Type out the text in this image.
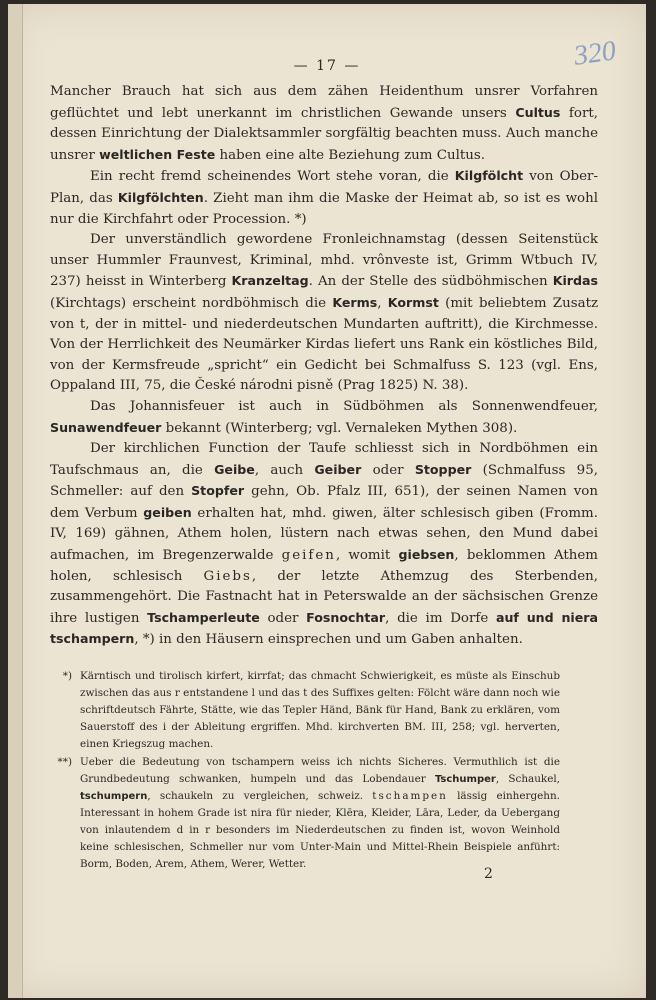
320
— 17 —

Mancher Brauch hat sich aus dem zähen Heidenthum unsrer Vorfahren geflüchtet und lebt unerkannt im christlichen Gewande unsers Cultus fort, dessen Einrichtung der Dialektsammler sorgfältig beachten muss. Auch manche unsrer weltlichen Feste haben eine alte Beziehung zum Cultus.

Ein recht fremd scheinendes Wort stehe voran, die Kilgfölcht von Ober-Plan, das Kilgfölchten. Zieht man ihm die Maske der Heimat ab, so ist es wohl nur die Kirchfahrt oder Procession. *)

Der unverständlich gewordene Fronleichnamstag (dessen Seitenstück unser Hummler Fraunvest, Kriminal, mhd. vrônveste ist, Grimm Wtbuch IV, 237) heisst in Winterberg Kranzeltag. An der Stelle des südböhmischen Kirdas (Kirchtags) erscheint nordböhmisch die Kerms, Kormst (mit beliebtem Zusatz von t, der in mittel- und niederdeutschen Mundarten auftritt), die Kirchmesse. Von der Herrlichkeit des Neumärker Kirdas liefert uns Rank ein köstliches Bild, von der Kermsfreude „spricht“ ein Gedicht bei Schmalfuss S. 123 (vgl. Ens, Oppaland III, 75, die České národni pisně (Prag 1825) N. 38).

Das Johannisfeuer ist auch in Südböhmen als Sonnenwendfeuer, Sunawendfeuer bekannt (Winterberg; vgl. Vernaleken Mythen 308).

Der kirchlichen Function der Taufe schliesst sich in Nordböhmen ein Taufschmaus an, die Geibe, auch Geiber oder Stopper (Schmalfuss 95, Schmeller: auf den Stopfer gehn, Ob. Pfalz III, 651), der seinen Namen von dem Verbum geiben erhalten hat, mhd. giwen, älter schlesisch giben (Fromm. IV, 169) gähnen, Athem holen, lüstern nach etwas sehen, den Mund dabei aufmachen, im Bregenzerwalde geifen, womit giebsen, beklommen Athem holen, schlesisch Giebs, der letzte Athemzug des Sterbenden, zusammengehört. Die Fastnacht hat in Peterswalde an der sächsischen Grenze ihre lustigen Tschamperleute oder Fosnochtar, die im Dorfe auf und niera tschampern, *) in den Häusern einsprechen und um Gaben anhalten.

*) Kärntisch und tirolisch kirfert, kirrfat; das chmacht Schwierigkeit, es müste als Einschub zwischen das aus r entstandene l und das t des Suffixes gelten: Fölcht wäre dann noch wie schriftdeutsch Fährte, Stätte, wie das Tepler Händ, Bänk für Hand, Bank zu erklären, vom Sauerstoff des i der Ableitung ergriffen. Mhd. kirchverten BM. III, 258; vgl. herverten, einen Kriegszug machen.
**) Ueber die Bedeutung von tschampern weiss ich nichts Sicheres. Vermuthlich ist die Grundbedeutung schwanken, humpeln und das Lobendauer Tschumper, Schaukel, tschumpern, schaukeln zu vergleichen, schweiz. tschampen lässig einhergehn. Interessant in hohem Grade ist nira für nieder, Klēra, Kleider, Lāra, Leder, da Uebergang von inlautendem d in r besonders im Niederdeutschen zu finden ist, wovon Weinhold keine schlesischen, Schmeller nur vom Unter-Main und Mittel-Rhein Beispiele anführt: Borm, Boden, Arem, Athem, Werer, Wetter.
2
